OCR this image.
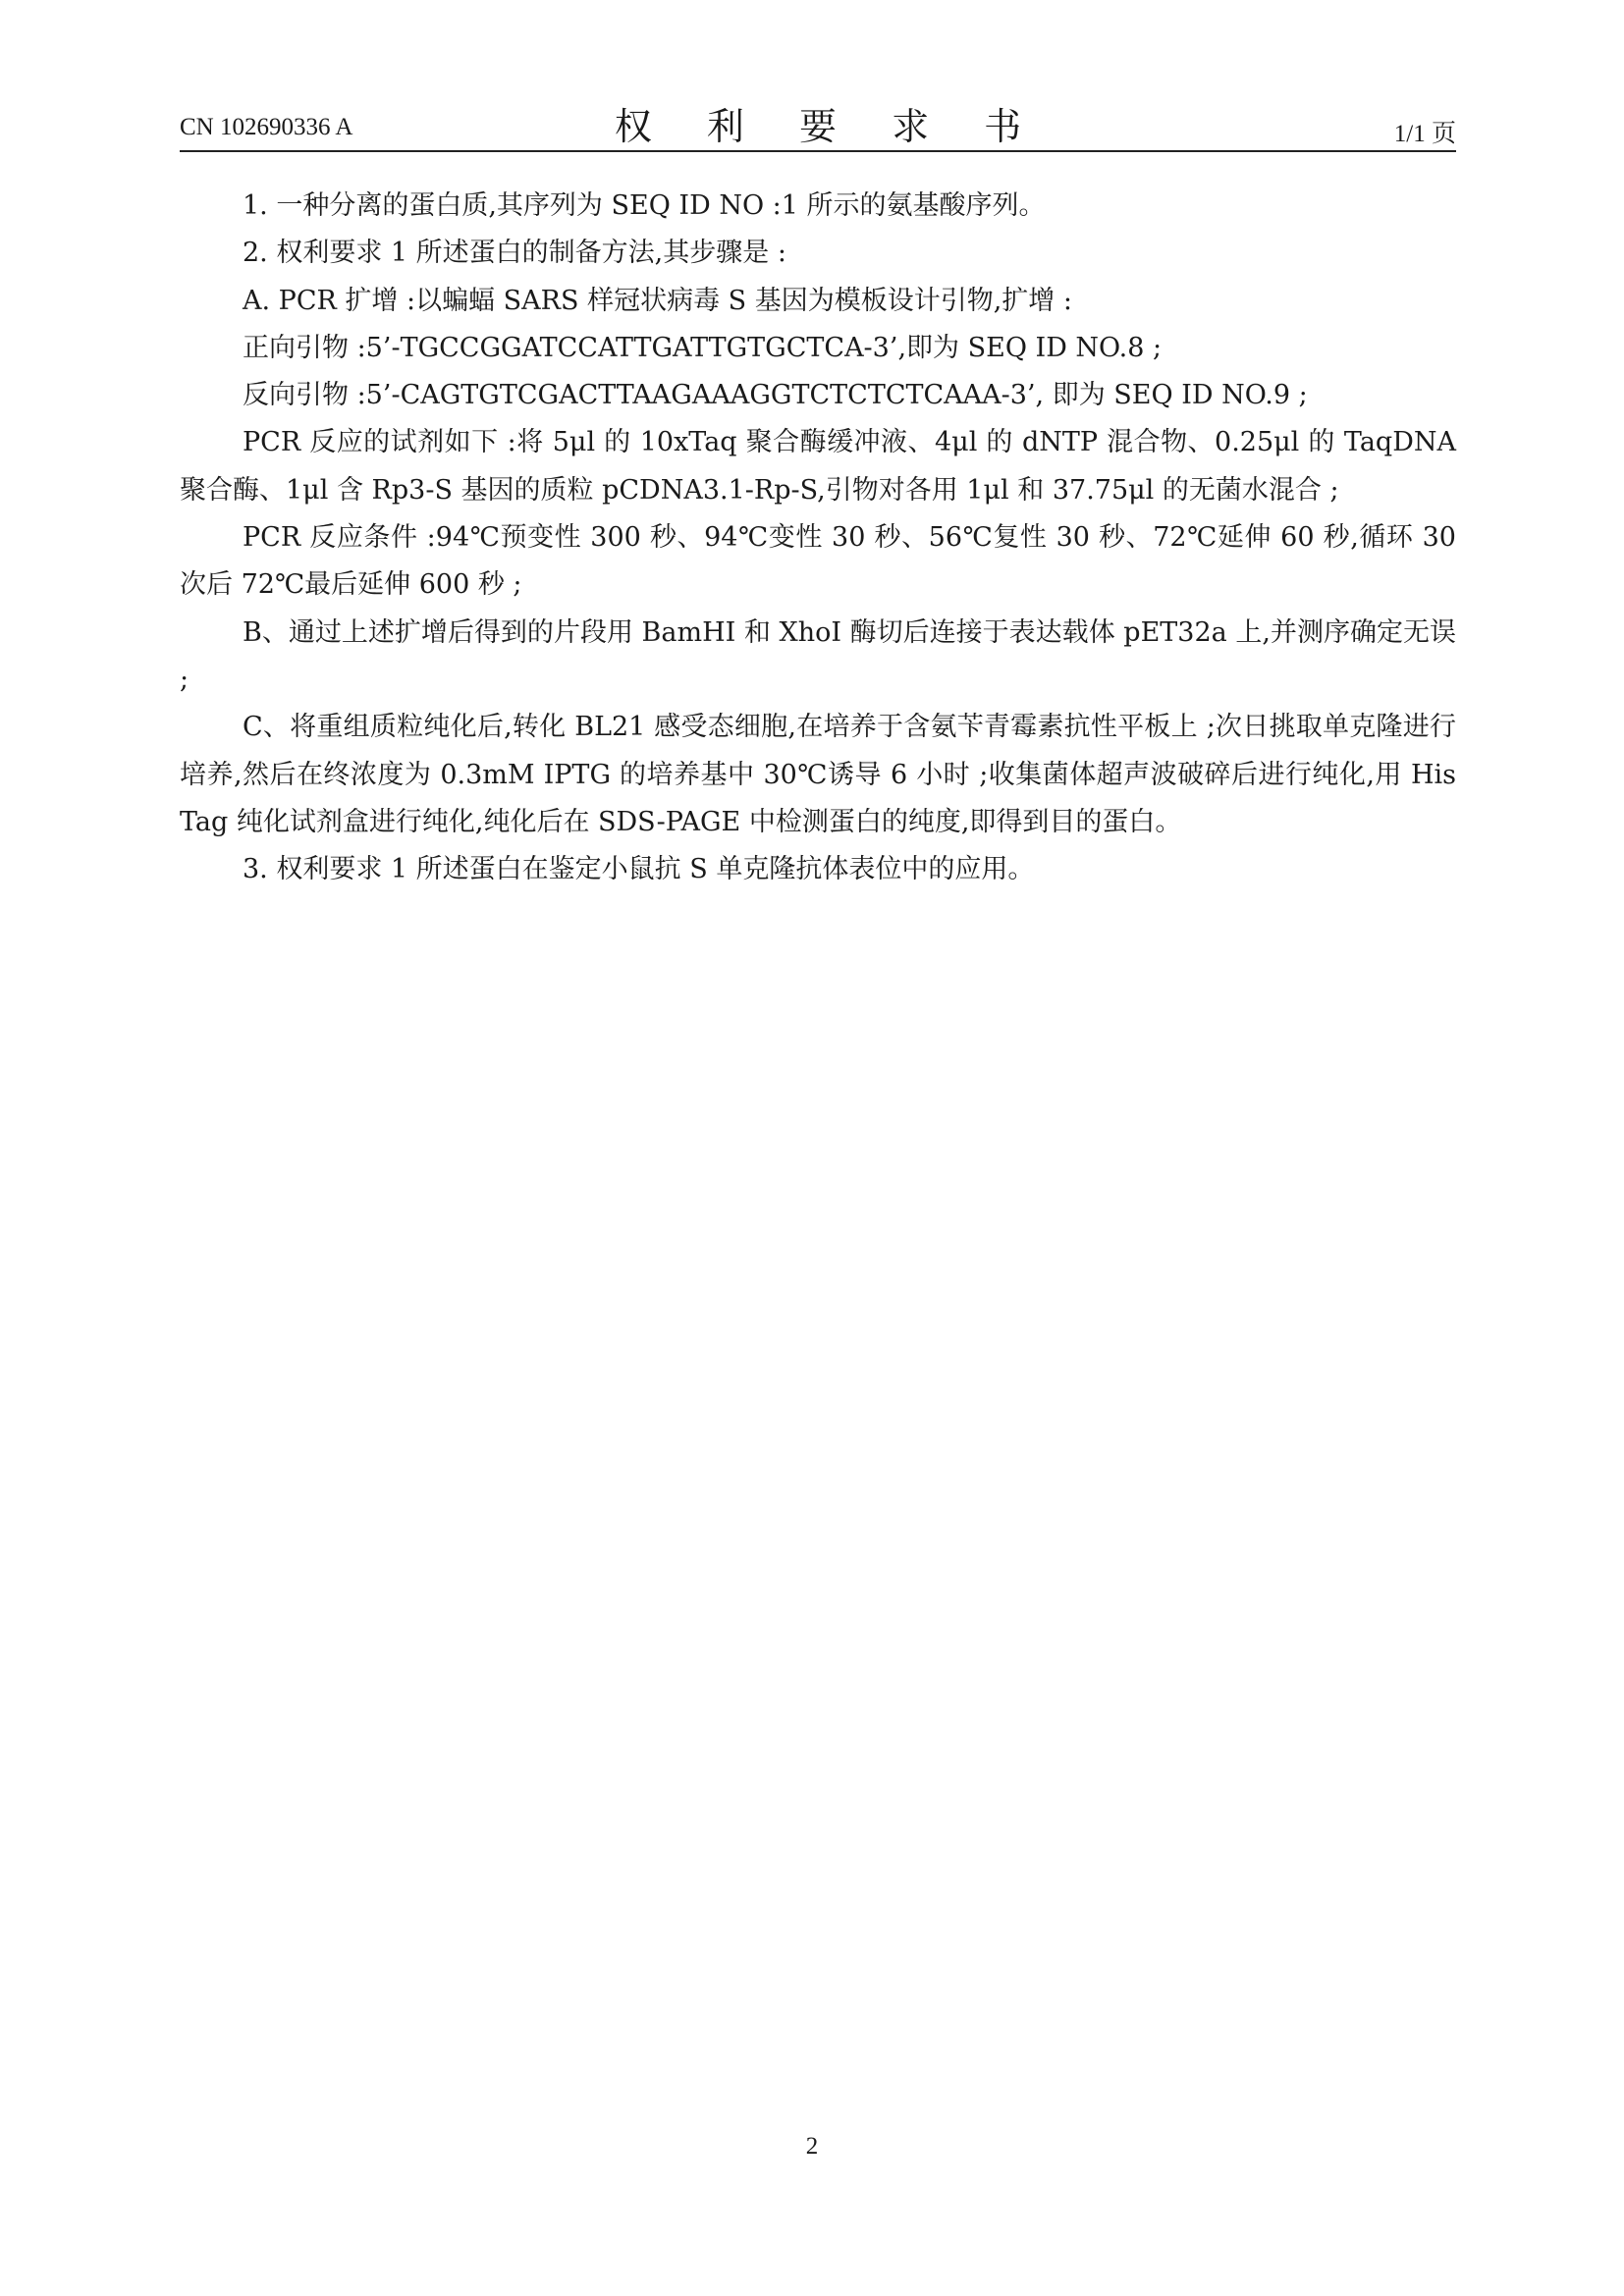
CN 102690336 A	权 利 要 求 书	1/1 页

1. 一种分离的蛋白质,其序列为 SEQ ID NO :1 所示的氨基酸序列。

2. 权利要求 1 所述蛋白的制备方法,其步骤是 :

A. PCR 扩增 :以蝙蝠 SARS 样冠状病毒 S 基因为模板设计引物,扩增 :

正向引物 :5’-TGCCGGATCCATTGATTGTGCTCA-3’,即为 SEQ ID NO.8 ;

反向引物 :5’-CAGTGTCGACTTAAGAAAGGTCTCTCTCAAA-3’, 即为 SEQ ID NO.9 ;

PCR 反应的试剂如下 :将 5μl 的 10xTaq 聚合酶缓冲液、4μl 的 dNTP 混合物、0.25μl 的 TaqDNA 聚合酶、1μl 含 Rp3-S 基因的质粒 pCDNA3.1-Rp-S,引物对各用 1μl 和 37.75μl 的无菌水混合 ;

PCR 反应条件 :94℃预变性 300 秒、94℃变性 30 秒、56℃复性 30 秒、72℃延伸 60 秒,循环 30 次后 72℃最后延伸 600 秒 ;

B、通过上述扩增后得到的片段用 BamHI 和 XhoI 酶切后连接于表达载体 pET32a 上,并测序确定无误 ;

C、将重组质粒纯化后,转化 BL21 感受态细胞,在培养于含氨苄青霉素抗性平板上 ;次日挑取单克隆进行培养,然后在终浓度为 0.3mM IPTG 的培养基中 30℃诱导 6 小时 ;收集菌体超声波破碎后进行纯化,用 His Tag 纯化试剂盒进行纯化,纯化后在 SDS-PAGE 中检测蛋白的纯度,即得到目的蛋白。

3. 权利要求 1 所述蛋白在鉴定小鼠抗 S 单克隆抗体表位中的应用。

2
